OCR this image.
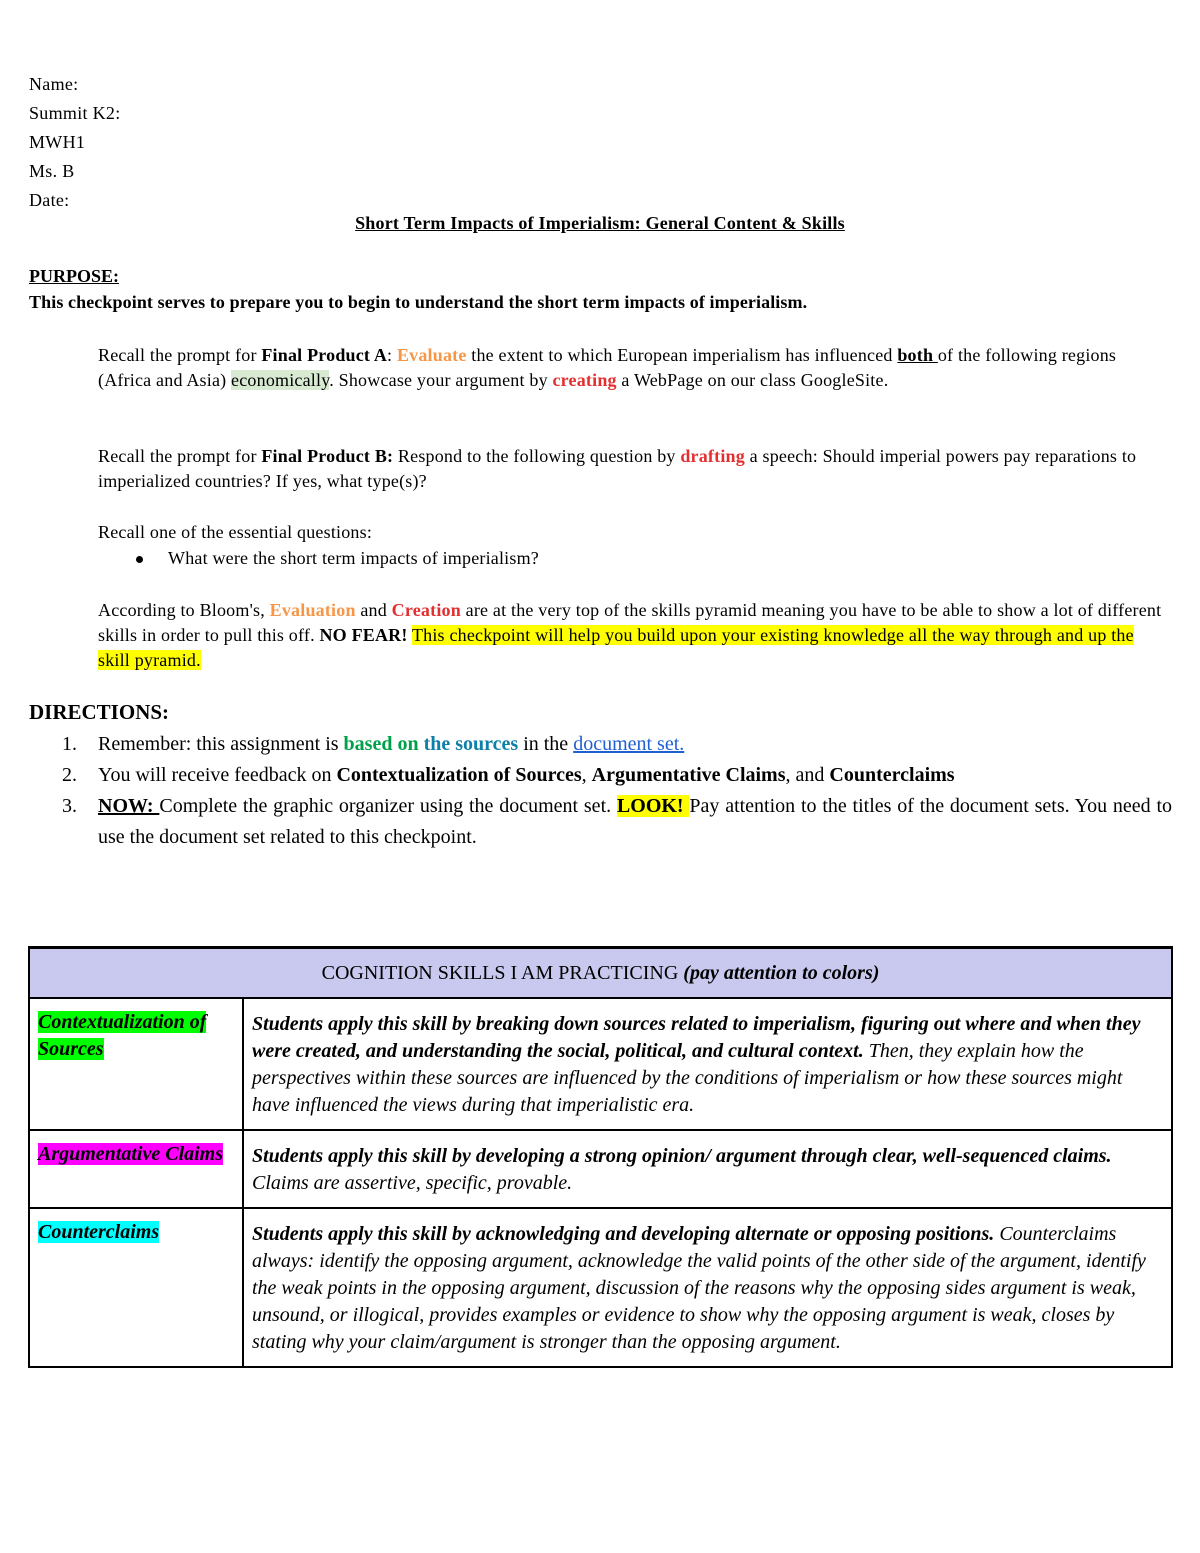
Name:
Summit K2:
MWH1
Ms. B
Date:
Short Term Impacts of Imperialism: General Content & Skills
PURPOSE:
This checkpoint serves to prepare you to begin to understand the short term impacts of imperialism.
Recall the prompt for Final Product A: Evaluate the extent to which European imperialism has influenced both of the following regions (Africa and Asia) economically. Showcase your argument by creating a WebPage on our class GoogleSite.
Recall the prompt for Final Product B: Respond to the following question by drafting a speech: Should imperial powers pay reparations to imperialized countries? If yes, what type(s)?
Recall one of the essential questions:
What were the short term impacts of imperialism?
According to Bloom's, Evaluation and Creation are at the very top of the skills pyramid meaning you have to be able to show a lot of different skills in order to pull this off. NO FEAR! This checkpoint will help you build upon your existing knowledge all the way through and up the skill pyramid.
DIRECTIONS:
1. Remember: this assignment is based on the sources in the document set.
2. You will receive feedback on Contextualization of Sources, Argumentative Claims, and Counterclaims
3. NOW: Complete the graphic organizer using the document set. LOOK! Pay attention to the titles of the document sets. You need to use the document set related to this checkpoint.
COGNITION SKILLS I AM PRACTICING (pay attention to colors)	
Contextualization of Sources	Students apply this skill by breaking down sources related to imperialism, figuring out where and when they were created, and understanding the social, political, and cultural context. Then, they explain how the perspectives within these sources are influenced by the conditions of imperialism or how these sources might have influenced the views during that imperialistic era.
Argumentative Claims	Students apply this skill by developing a strong opinion/ argument through clear, well-sequenced claims. Claims are assertive, specific, provable.
Counterclaims	Students apply this skill by acknowledging and developing alternate or opposing positions. Counterclaims always: identify the opposing argument, acknowledge the valid points of the other side of the argument, identify the weak points in the opposing argument, discussion of the reasons why the opposing sides argument is weak, unsound, or illogical, provides examples or evidence to show why the opposing argument is weak, closes by stating why your claim/argument is stronger than the opposing argument.
